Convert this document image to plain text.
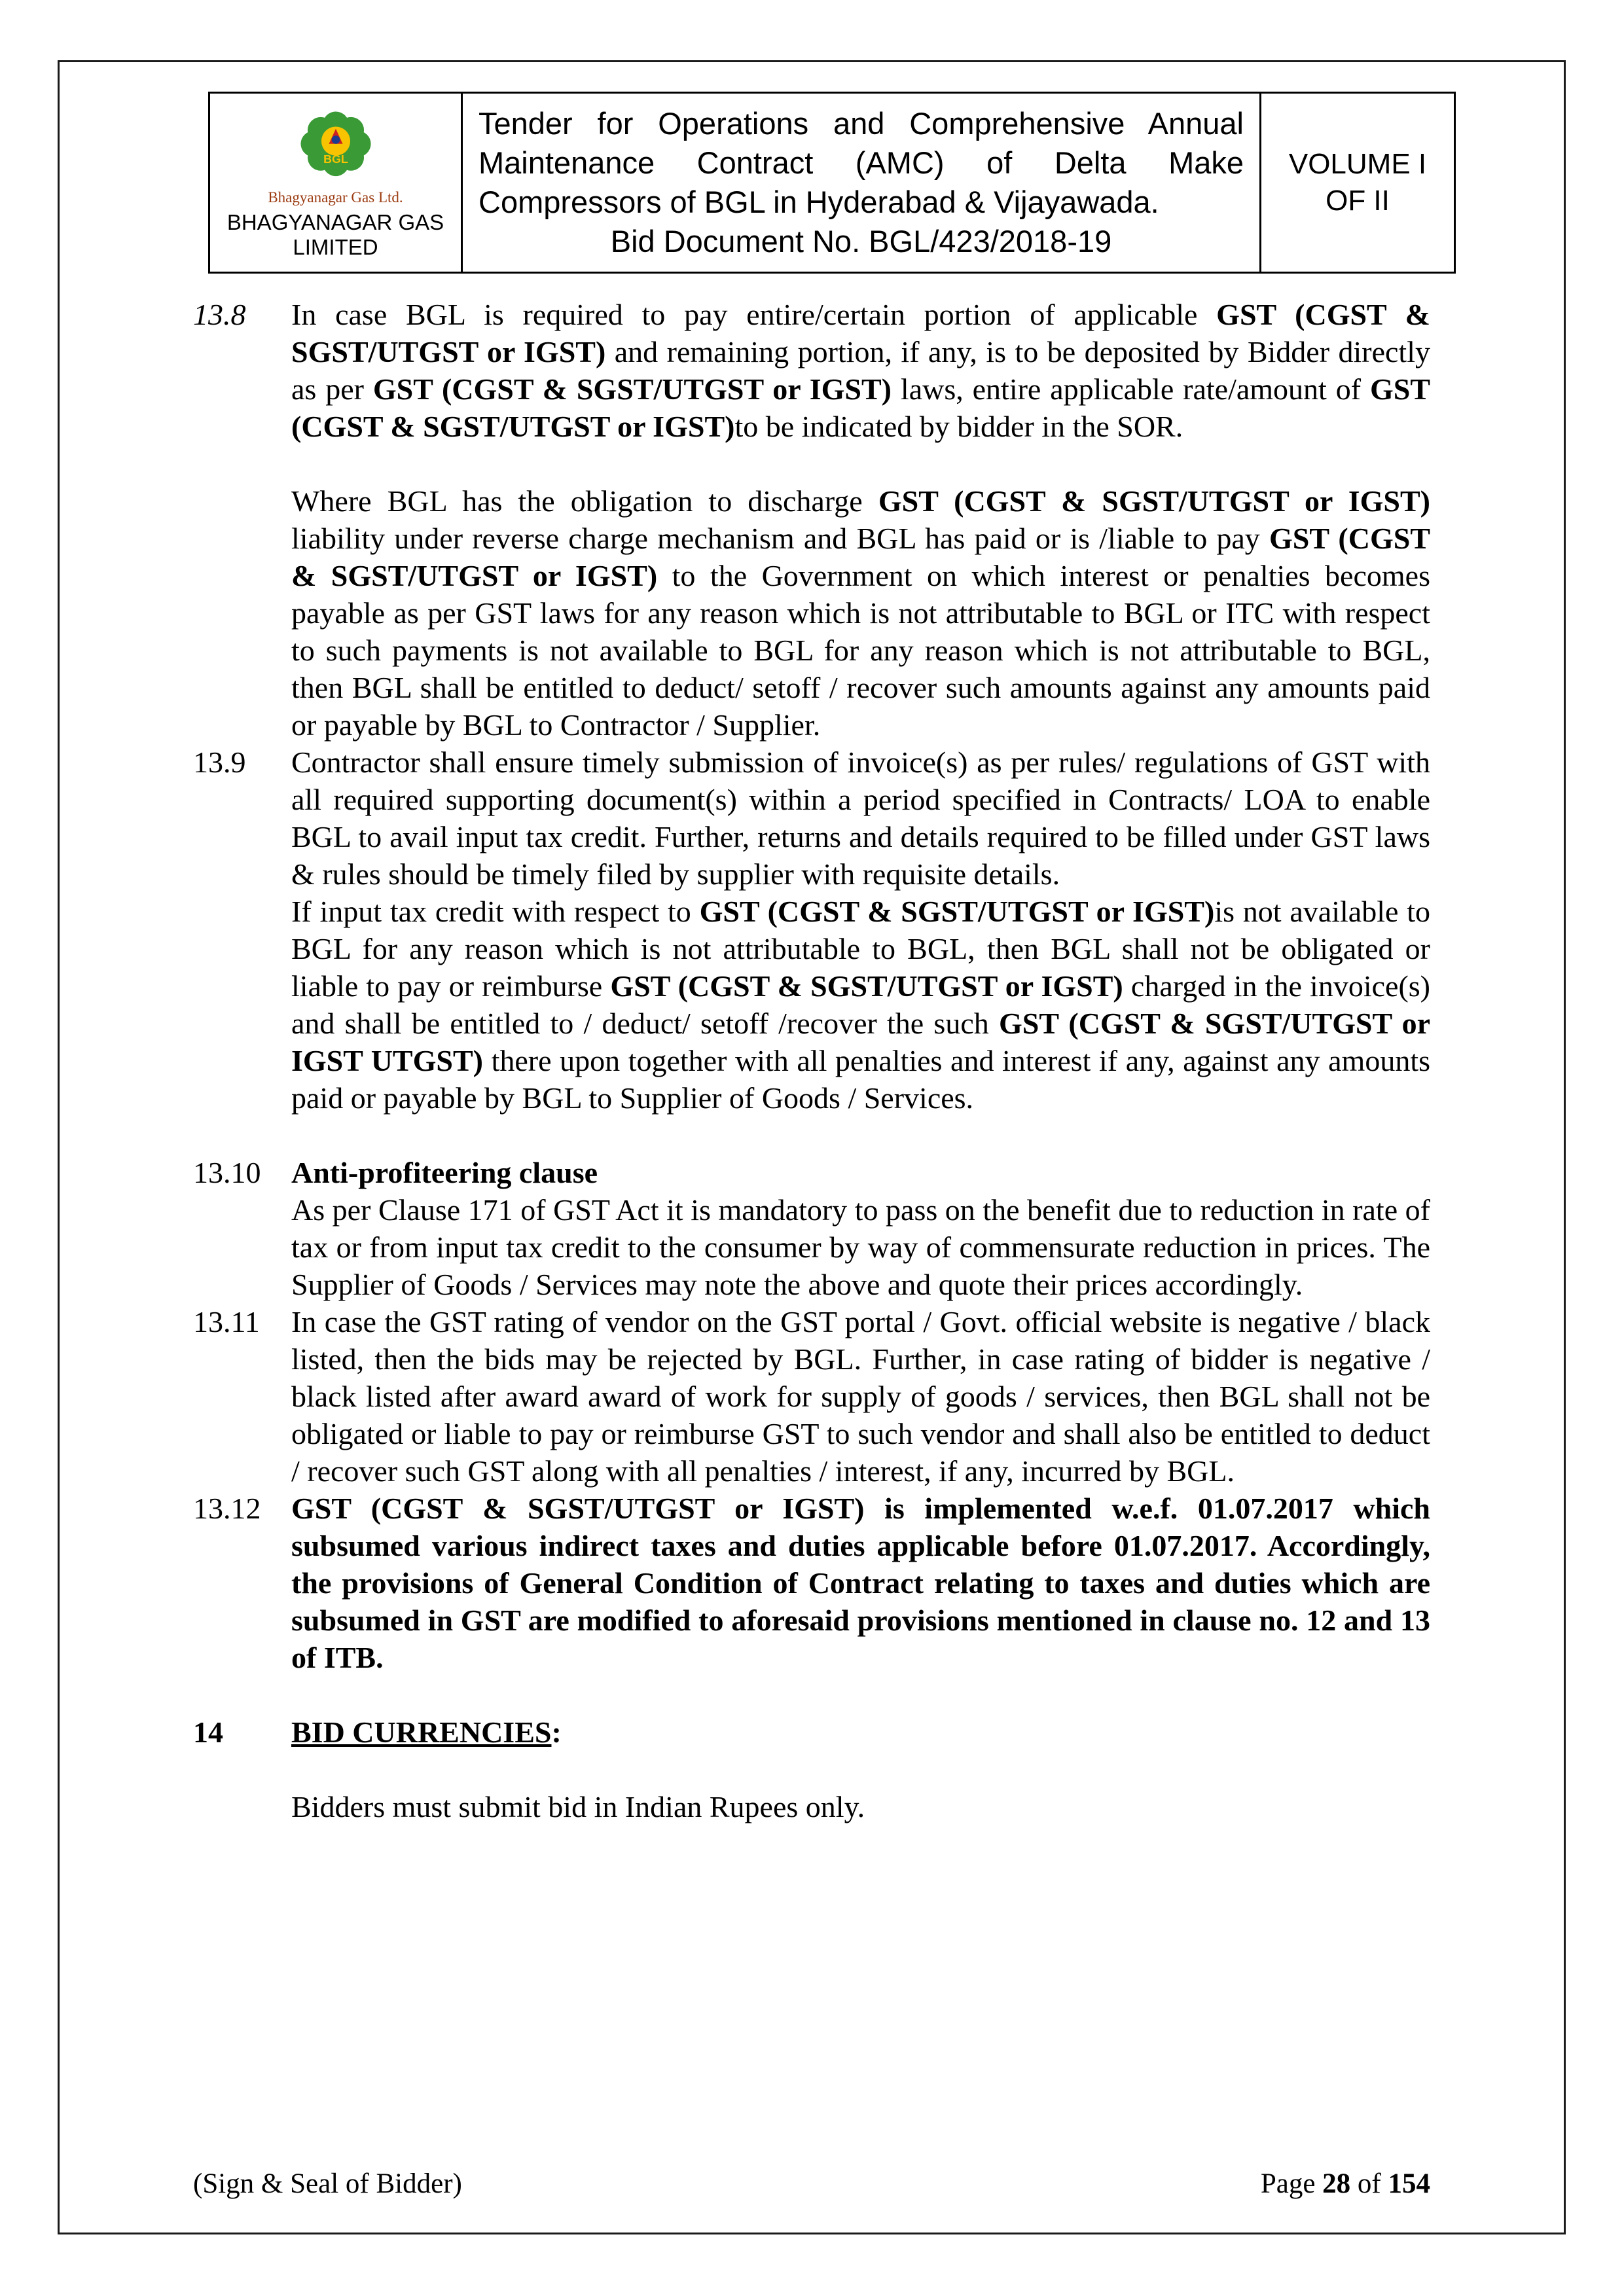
BGL
Bhagyanagar Gas Ltd.
BHAGYANAGAR GAS LIMITED
Tender for Operations and Comprehensive Annual Maintenance Contract (AMC) of Delta Make Compressors of BGL in Hyderabad & Vijayawada.
Bid Document No. BGL/423/2018-19
VOLUME I
OF II
13.8	In case BGL is required to pay entire/certain portion of applicable GST (CGST & SGST/UTGST or IGST) and remaining portion, if any, is to be deposited by Bidder directly as per GST (CGST & SGST/UTGST or IGST) laws, entire applicable rate/amount of GST (CGST & SGST/UTGST or IGST)to be indicated by bidder in the SOR.

Where BGL has the obligation to discharge GST (CGST & SGST/UTGST or IGST) liability under reverse charge mechanism and BGL has paid or is /liable to pay GST (CGST & SGST/UTGST or IGST) to the Government on which interest or penalties becomes payable as per GST laws for any reason which is not attributable to BGL or ITC with respect to such payments is not available to BGL for any reason which is not attributable to BGL, then BGL shall be entitled to deduct/ setoff / recover such amounts against any amounts paid or payable by BGL to Contractor / Supplier.

13.9	Contractor shall ensure timely submission of invoice(s) as per rules/ regulations of GST with all required supporting document(s) within a period specified in Contracts/ LOA to enable BGL to avail input tax credit. Further, returns and details required to be filled under GST laws & rules should be timely filed by supplier with requisite details.

If input tax credit with respect to GST (CGST & SGST/UTGST or IGST)is not available to BGL for any reason which is not attributable to BGL, then BGL shall not be obligated or liable to pay or reimburse GST (CGST & SGST/UTGST or IGST) charged in the invoice(s) and shall be entitled to / deduct/ setoff /recover the such GST (CGST & SGST/UTGST or IGST UTGST) there upon together with all penalties and interest if any, against any amounts paid or payable by BGL to Supplier of Goods / Services.

13.10	Anti-profiteering clause

As per Clause 171 of GST Act it is mandatory to pass on the benefit due to reduction in rate of tax or from input tax credit to the consumer by way of commensurate reduction in prices. The Supplier of Goods / Services may note the above and quote their prices accordingly.

13.11	In case the GST rating of vendor on the GST portal / Govt. official website is negative / black listed, then the bids may be rejected by BGL. Further, in case rating of bidder is negative / black listed after award award of work for supply of goods / services, then BGL shall not be obligated or liable to pay or reimburse GST to such vendor and shall also be entitled to deduct / recover such GST along with all penalties / interest, if any, incurred by BGL.

13.12	GST (CGST & SGST/UTGST or IGST) is implemented w.e.f. 01.07.2017 which subsumed various indirect taxes and duties applicable before 01.07.2017. Accordingly, the provisions of General Condition of Contract relating to taxes and duties which are subsumed in GST are modified to aforesaid provisions mentioned in clause no. 12 and 13 of ITB.

14	BID CURRENCIES:

Bidders must submit bid in Indian Rupees only.

(Sign & Seal of Bidder)	Page 28 of 154
